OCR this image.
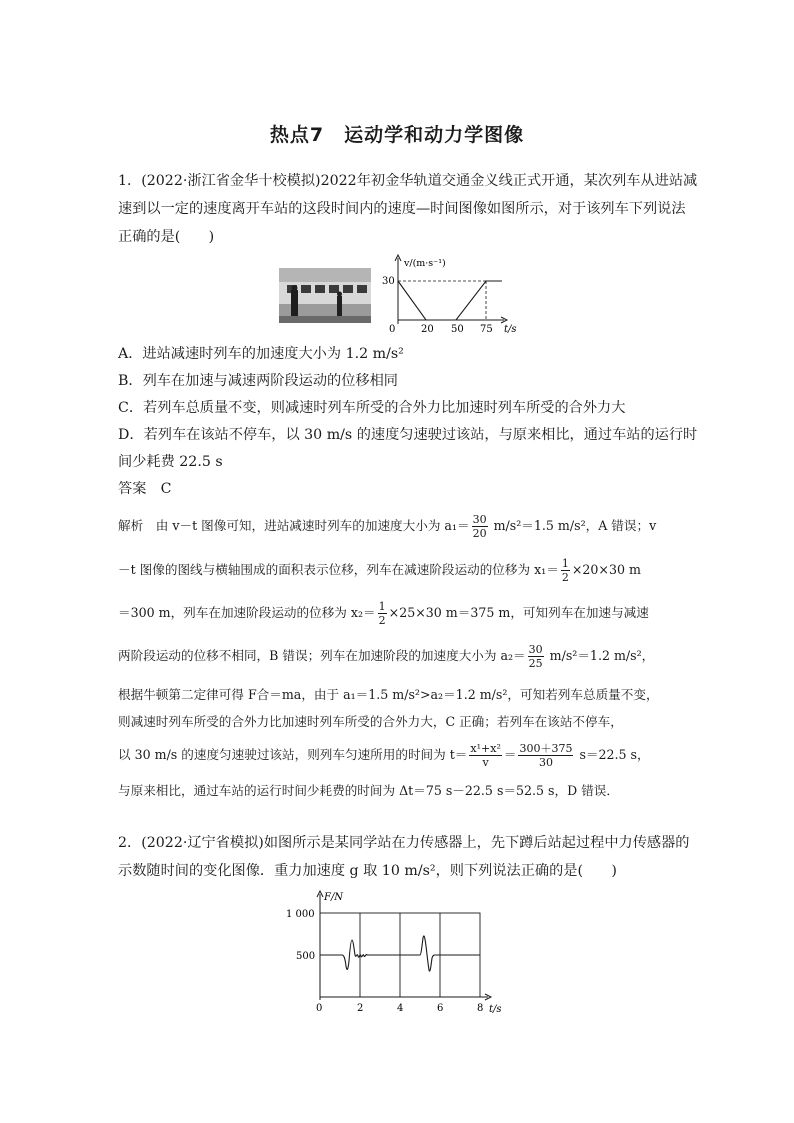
热点7　运动学和动力学图像
1．(2022·浙江省金华十校模拟)2022年初金华轨道交通金义线正式开通，某次列车从进站减
速到以一定的速度离开车站的这段时间内的速度—时间图像如图所示，对于该列车下列说法
正确的是(　　)
v/(m·s⁻¹)
30
0	20 50 75 t/s
A．进站减速时列车的加速度大小为 1.2 m/s²
B．列车在加速与减速两阶段运动的位移相同
C．若列车总质量不变，则减速时列车所受的合外力比加速时列车所受的合外力大
D．若列车在该站不停车，以 30 m/s 的速度匀速驶过该站，与原来相比，通过车站的运行时
间少耗费 22.5 s
答案　C
解析　由 v－t 图像可知，进站减速时列车的加速度大小为 $a_1= \frac{30}{20} m/s^2=1.5$ m/s²，A 错误；v
－t 图像的图线与横轴围成的面积表示位移，列车在减速阶段运动的位移为 $x_1= \frac{1}{2} \times 20\times 30$ m
＝300 m，列车在加速阶段运动的位移为 $x_2= \frac{1}{2} \times 25\times 30$ m＝375 m，可知列车在加速与减速
两阶段运动的位移不相同，B 错误；列车在加速阶段的加速度大小为 $a_2= \frac{30}{25} m/s^2=1.2$ m/s²，
根据牛顿第二定律可得 F合＝ma，由于 a₁＝1.5 m/s²>a₂＝1.2 m/s²，可知若列车总质量不变，
则减速时列车所受的合外力比加速时列车所受的合外力大，C 正确；若列车在该站不停车，
以 30 m/s 的速度匀速驶过该站，则列车匀速所用的时间为 $t= \frac{\text{x¹+x²}}{v} = \frac{300+375}{30} s=22.5$ s，
与原来相比，通过车站的运行时间少耗费的时间为 Δt＝75 s－22.5 s＝52.5 s，D 错误．
2．(2022·辽宁省模拟)如图所示是某同学站在力传感器上，先下蹲后站起过程中力传感器的
示数随时间的变化图像．重力加速度 g 取 10 m/s²，则下列说法正确的是(　　)
F/N
1 000
500
0	2	4	6	8 t/s
